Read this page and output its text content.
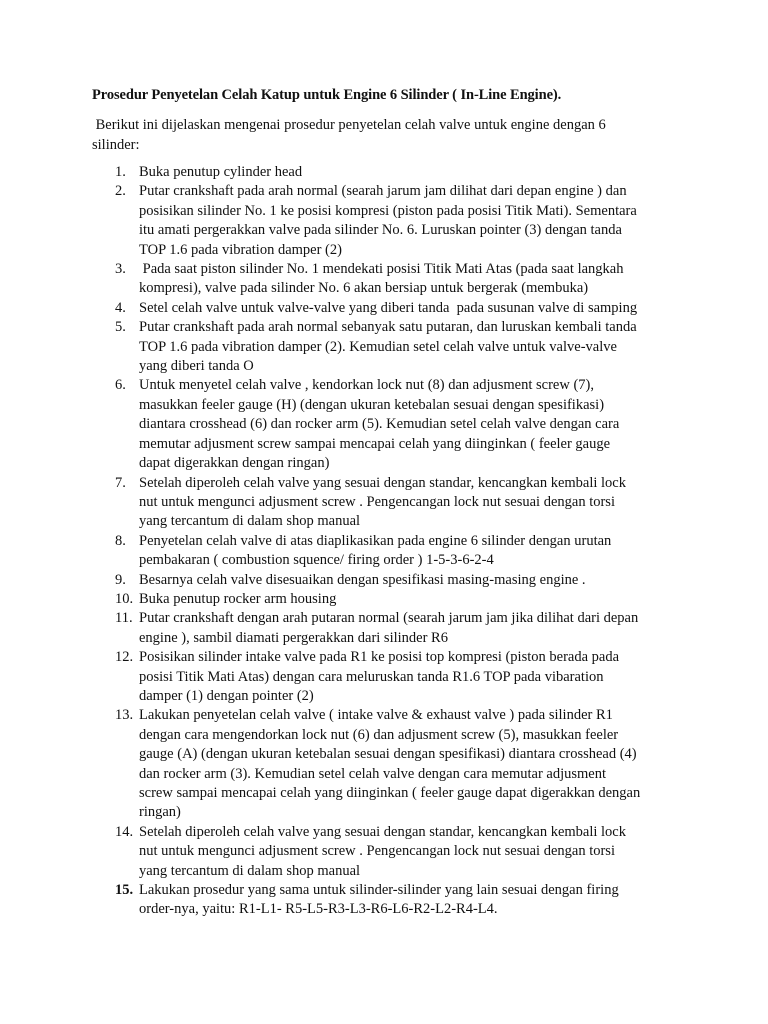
Prosedur Penyetelan Celah Katup untuk Engine 6 Silinder ( In-Line Engine).

Berikut ini dijelaskan mengenai prosedur penyetelan celah valve untuk engine dengan 6
silinder:

1. Buka penutup cylinder head
2. Putar crankshaft pada arah normal (searah jarum jam dilihat dari depan engine ) dan
posisikan silinder No. 1 ke posisi kompresi (piston pada posisi Titik Mati). Sementara
itu amati pergerakkan valve pada silinder No. 6. Luruskan pointer (3) dengan tanda
TOP 1.6 pada vibration damper (2)
3. Pada saat piston silinder No. 1 mendekati posisi Titik Mati Atas (pada saat langkah
kompresi), valve pada silinder No. 6 akan bersiap untuk bergerak (membuka)
4. Setel celah valve untuk valve-valve yang diberi tanda  pada susunan valve di samping
5. Putar crankshaft pada arah normal sebanyak satu putaran, dan luruskan kembali tanda
TOP 1.6 pada vibration damper (2). Kemudian setel celah valve untuk valve-valve
yang diberi tanda O
6. Untuk menyetel celah valve , kendorkan lock nut (8) dan adjusment screw (7),
masukkan feeler gauge (H) (dengan ukuran ketebalan sesuai dengan spesifikasi)
diantara crosshead (6) dan rocker arm (5). Kemudian setel celah valve dengan cara
memutar adjusment screw sampai mencapai celah yang diinginkan ( feeler gauge
dapat digerakkan dengan ringan)
7. Setelah diperoleh celah valve yang sesuai dengan standar, kencangkan kembali lock
nut untuk mengunci adjusment screw . Pengencangan lock nut sesuai dengan torsi
yang tercantum di dalam shop manual
8. Penyetelan celah valve di atas diaplikasikan pada engine 6 silinder dengan urutan
pembakaran ( combustion squence/ firing order ) 1-5-3-6-2-4
9. Besarnya celah valve disesuaikan dengan spesifikasi masing-masing engine .
10. Buka penutup rocker arm housing
11. Putar crankshaft dengan arah putaran normal (searah jarum jam jika dilihat dari depan
engine ), sambil diamati pergerakkan dari silinder R6
12. Posisikan silinder intake valve pada R1 ke posisi top kompresi (piston berada pada
posisi Titik Mati Atas) dengan cara meluruskan tanda R1.6 TOP pada vibaration
damper (1) dengan pointer (2)
13. Lakukan penyetelan celah valve ( intake valve & exhaust valve ) pada silinder R1
dengan cara mengendorkan lock nut (6) dan adjusment screw (5), masukkan feeler
gauge (A) (dengan ukuran ketebalan sesuai dengan spesifikasi) diantara crosshead (4)
dan rocker arm (3). Kemudian setel celah valve dengan cara memutar adjusment
screw sampai mencapai celah yang diinginkan ( feeler gauge dapat digerakkan dengan
ringan)
14. Setelah diperoleh celah valve yang sesuai dengan standar, kencangkan kembali lock
nut untuk mengunci adjusment screw . Pengencangan lock nut sesuai dengan torsi
yang tercantum di dalam shop manual
15. Lakukan prosedur yang sama untuk silinder-silinder yang lain sesuai dengan firing
order-nya, yaitu: R1-L1- R5-L5-R3-L3-R6-L6-R2-L2-R4-L4.
